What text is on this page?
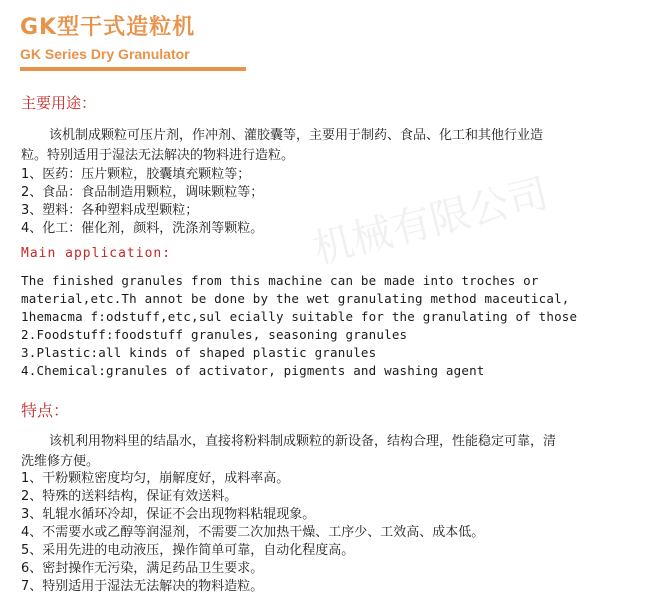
机械有限公司
GK型干式造粒机
GK Series Dry Granulator
主要用途：
该机制成颗粒可压片剂，作冲剂、灌胶囊等，主要用于制药、食品、化工和其他行业造
粒。特别适用于湿法无法解决的物料进行造粒。
1、医药：压片颗粒，胶囊填充颗粒等；
2、食品：食品制造用颗粒，调味颗粒等；
3、塑料：各种塑料成型颗粒；
4、化工：催化剂，颜料，洗涤剂等颗粒。
Main application:
The finished granules from this machine can be made into troches or
material,etc.Th annot be done by the wet granulating method maceutical,
1hemacma f:odstuff,etc,sul ecially suitable for the granulating of those
2.Foodstuff:foodstuff granules, seasoning granules
3.Plastic:all kinds of shaped plastic granules
4.Chemical:granules of activator, pigments and washing agent
特点：
该机利用物料里的结晶水，直接将粉料制成颗粒的新设备，结构合理，性能稳定可靠，清
洗维修方便。
1、干粉颗粒密度均匀，崩解度好，成料率高。
2、特殊的送料结构，保证有效送料。
3、轧辊水循环冷却，保证不会出现物料粘辊现象。
4、不需要水或乙醇等润湿剂，不需要二次加热干燥、工序少、工效高、成本低。
5、采用先进的电动液压，操作简单可靠，自动化程度高。
6、密封操作无污染，满足药品卫生要求。
7、特别适用于湿法无法解决的物料造粒。
